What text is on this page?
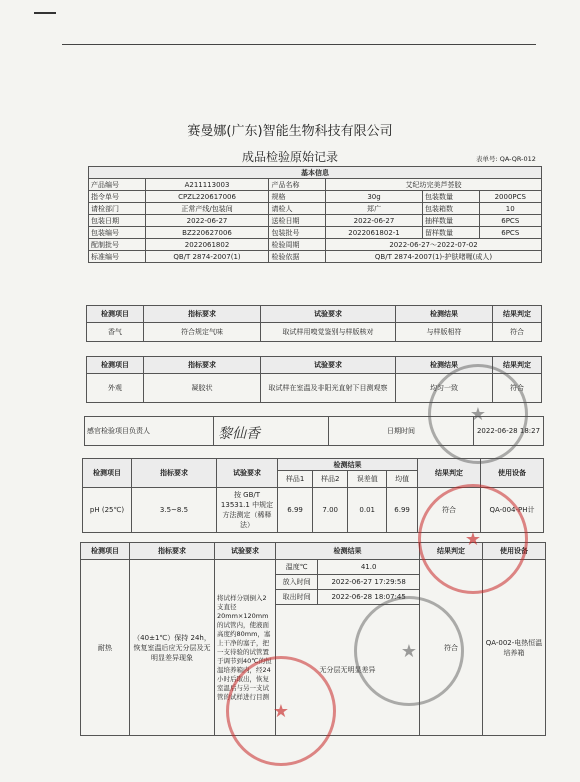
赛曼娜(广东)智能生物科技有限公司
成品检验原始记录	表单号: QA-QR-012
基本信息					
产品编号	A211113003	产品名称	艾纪坊完美芦荟胶		
指令单号	CPZL220617006	规格	30g	包装数量	2000PCS
请检部门	正常产线/包装间	请检人	郑广	包装箱数	10
包装日期	2022-06-27	送检日期	2022-06-27	抽样数量	6PCS
包装编号	BZ220627006	包装批号	2022061802-1	留样数量	6PCS
配制批号	2022061802	检验周期	2022-06-27～2022-07-02		
标准编号	QB/T 2874-2007(1)	检验依据	QB/T 2874-2007(1)-护肤啫喱(成人)		
检测项目	指标要求	试验要求	检测结果	结果判定
香气	符合规定气味	取试样用嗅觉鉴别与样版核对	与样版相符	符合
检测项目	指标要求	试验要求	检测结果	结果判定
外观	凝胶状	取试样在室温及非阳光直射下目测观察	均匀一致	符合
感官检验项目负责人		日期时间	2022-06-28 18:27
黎仙香
检测项目	指标要求	试验要求	检测结果				结果判定	使用设备
			样品1	样品2	误差值	均值		
pH (25℃)	3.5~8.5	按 GB/T 13531.1 中规定方法测定（稀释法）	6.99	7.00	0.01	6.99	符合	QA-004-PH计
检测项目	指标要求	试验要求	检测结果		结果判定	使用设备
耐热	（40±1℃）保持 24h，恢复室温后应无分层及无明显差异现象	将试样分别倒入2支直径20mm×120mm的试管内，使液面高度约80mm，塞上干净的塞子，把一支待验的试管置于调节到40℃的恒温培养箱内，经24小时后取出，恢复室温后与另一支试管的试样进行目测	温度℃	41.0	符合	QA-002-电热恒温培养箱
			放入时间	2022-06-27 17:29:58		
			取出时间	2022-06-28 18:07:45		
			无分层无明显差异			
★
★
★
★
